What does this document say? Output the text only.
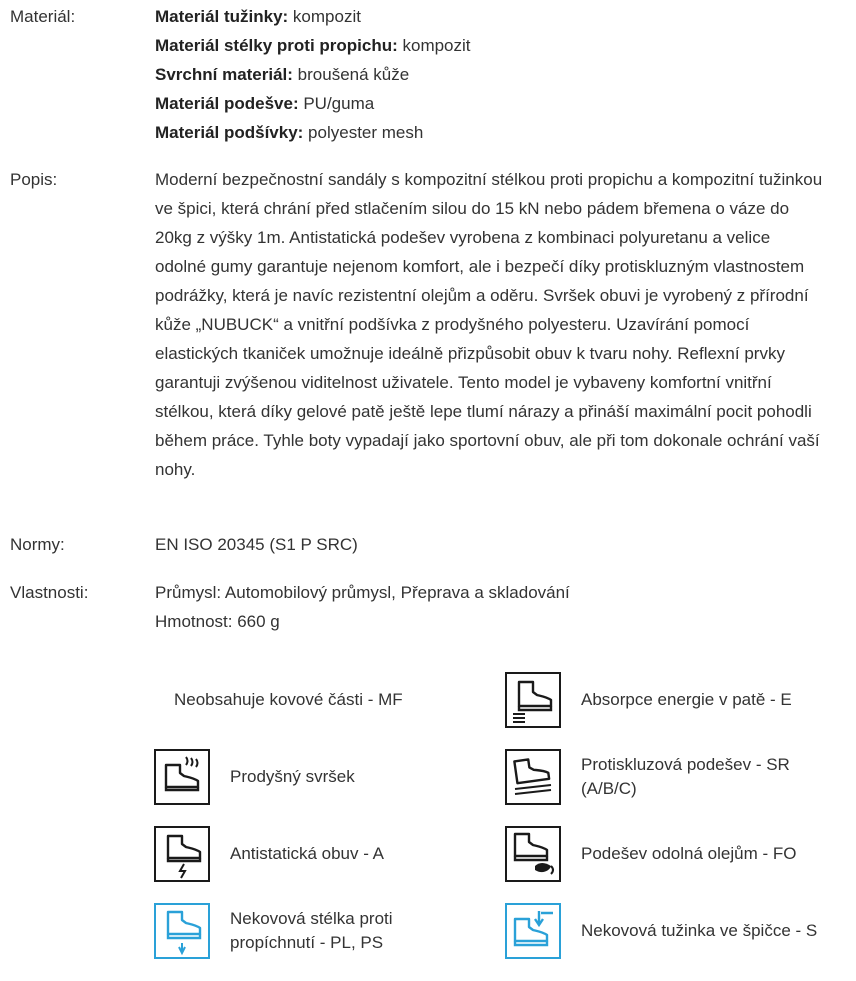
Materiál:	Materiál tužinky: kompozit
Materiál stélky proti propichu: kompozit
Svrchní materiál: broušená kůže
Materiál podešve: PU/guma
Materiál podšívky: polyester mesh
Popis:	Moderní bezpečnostní sandály s kompozitní stélkou proti propichu a kompozitní tužinkou ve špici, která chrání před stlačením silou do 15 kN nebo pádem břemena o váze do 20kg z výšky 1m. Antistatická podešev vyrobena z kombinaci polyuretanu a velice odolné gumy garantuje nejenom komfort, ale i bezpečí díky protiskluzným vlastnostem podrážky, která je navíc rezistentní olejům a oděru. Svršek obuvi je vyrobený z přírodní kůže „NUBUCK“ a vnitřní podšívka z prodyšného polyesteru. Uzavírání pomocí elastických tkaniček umožnuje ideálně přizpůsobit obuv k tvaru nohy. Reflexní prvky garantuji zvýšenou viditelnost uživatele. Tento model je vybaveny komfortní vnitřní stélkou, která díky gelové patě ještě lepe tlumí nárazy a přináší maximální pocit pohodli během práce. Tyhle boty vypadají jako sportovní obuv, ale při tom dokonale ochrání vaší nohy.
Normy:	EN ISO 20345 (S1 P SRC)
Vlastnosti:	Průmysl: Automobilový průmysl, Přeprava a skladování
Hmotnost: 660 g
Neobsahuje kovové části - MF
Prodyšný svršek
Antistatická obuv - A
Nekovová stélka proti propíchnutí - PL, PS
Absorpce energie v patě - E
Protiskluzová podešev - SR (A/B/C)
Podešev odolná olejům - FO
Nekovová tužinka ve špičce - S
